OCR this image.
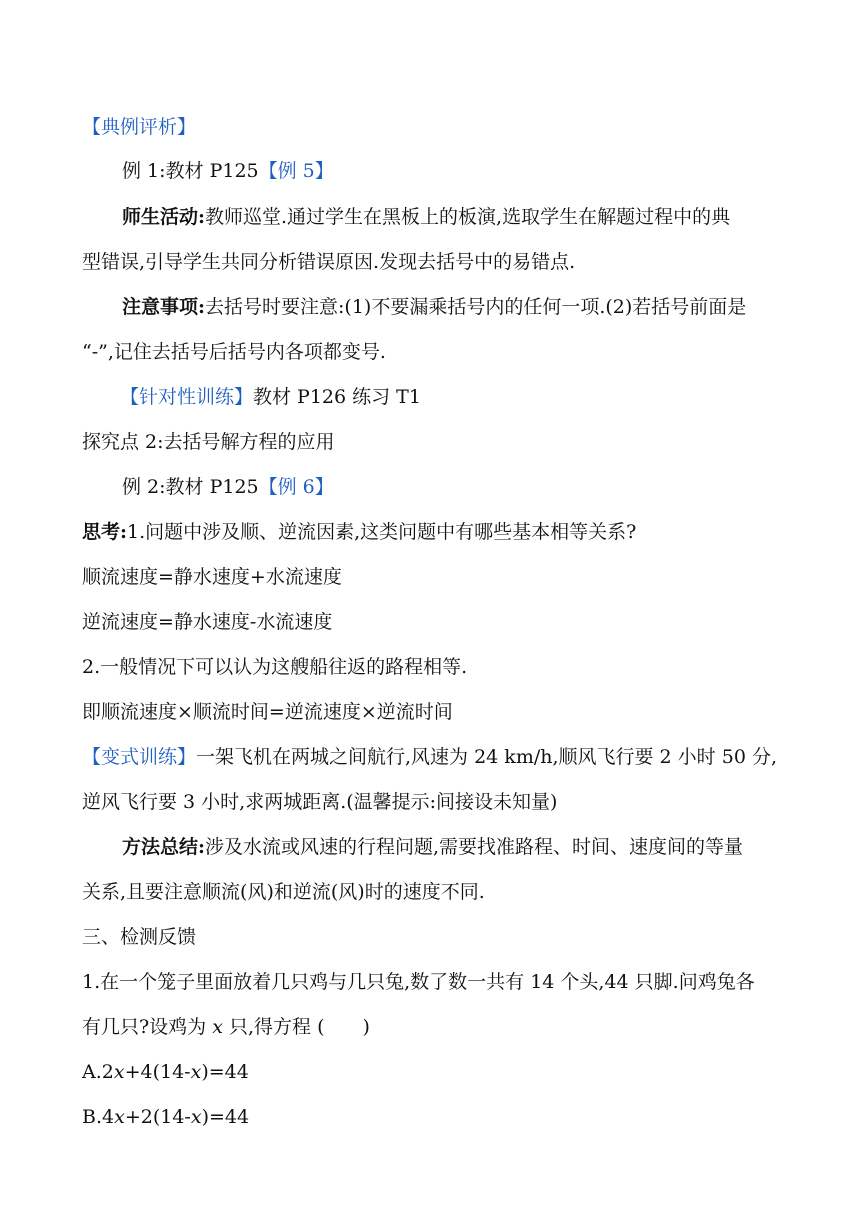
【典例评析】
例 1:教材 P125【例 5】
师生活动:教师巡堂.通过学生在黑板上的板演,选取学生在解题过程中的典
型错误,引导学生共同分析错误原因.发现去括号中的易错点.
注意事项:去括号时要注意:(1)不要漏乘括号内的任何一项.(2)若括号前面是
“-”,记住去括号后括号内各项都变号.
【针对性训练】教材 P126 练习 T1
探究点 2:去括号解方程的应用
例 2:教材 P125【例 6】
思考:1.问题中涉及顺、逆流因素,这类问题中有哪些基本相等关系?
顺流速度=静水速度+水流速度
逆流速度=静水速度-水流速度
2.一般情况下可以认为这艘船往返的路程相等.
即顺流速度×顺流时间=逆流速度×逆流时间
【变式训练】一架飞机在两城之间航行,风速为 24 km/h,顺风飞行要 2 小时 50 分,
逆风飞行要 3 小时,求两城距离.(温馨提示:间接设未知量)
方法总结:涉及水流或风速的行程问题,需要找准路程、时间、速度间的等量
关系,且要注意顺流(风)和逆流(风)时的速度不同.
三、检测反馈
1.在一个笼子里面放着几只鸡与几只兔,数了数一共有 14 个头,44 只脚.问鸡兔各
有几只?设鸡为 x 只,得方程 (　　)
A.2x+4(14-x)=44
B.4x+2(14-x)=44
